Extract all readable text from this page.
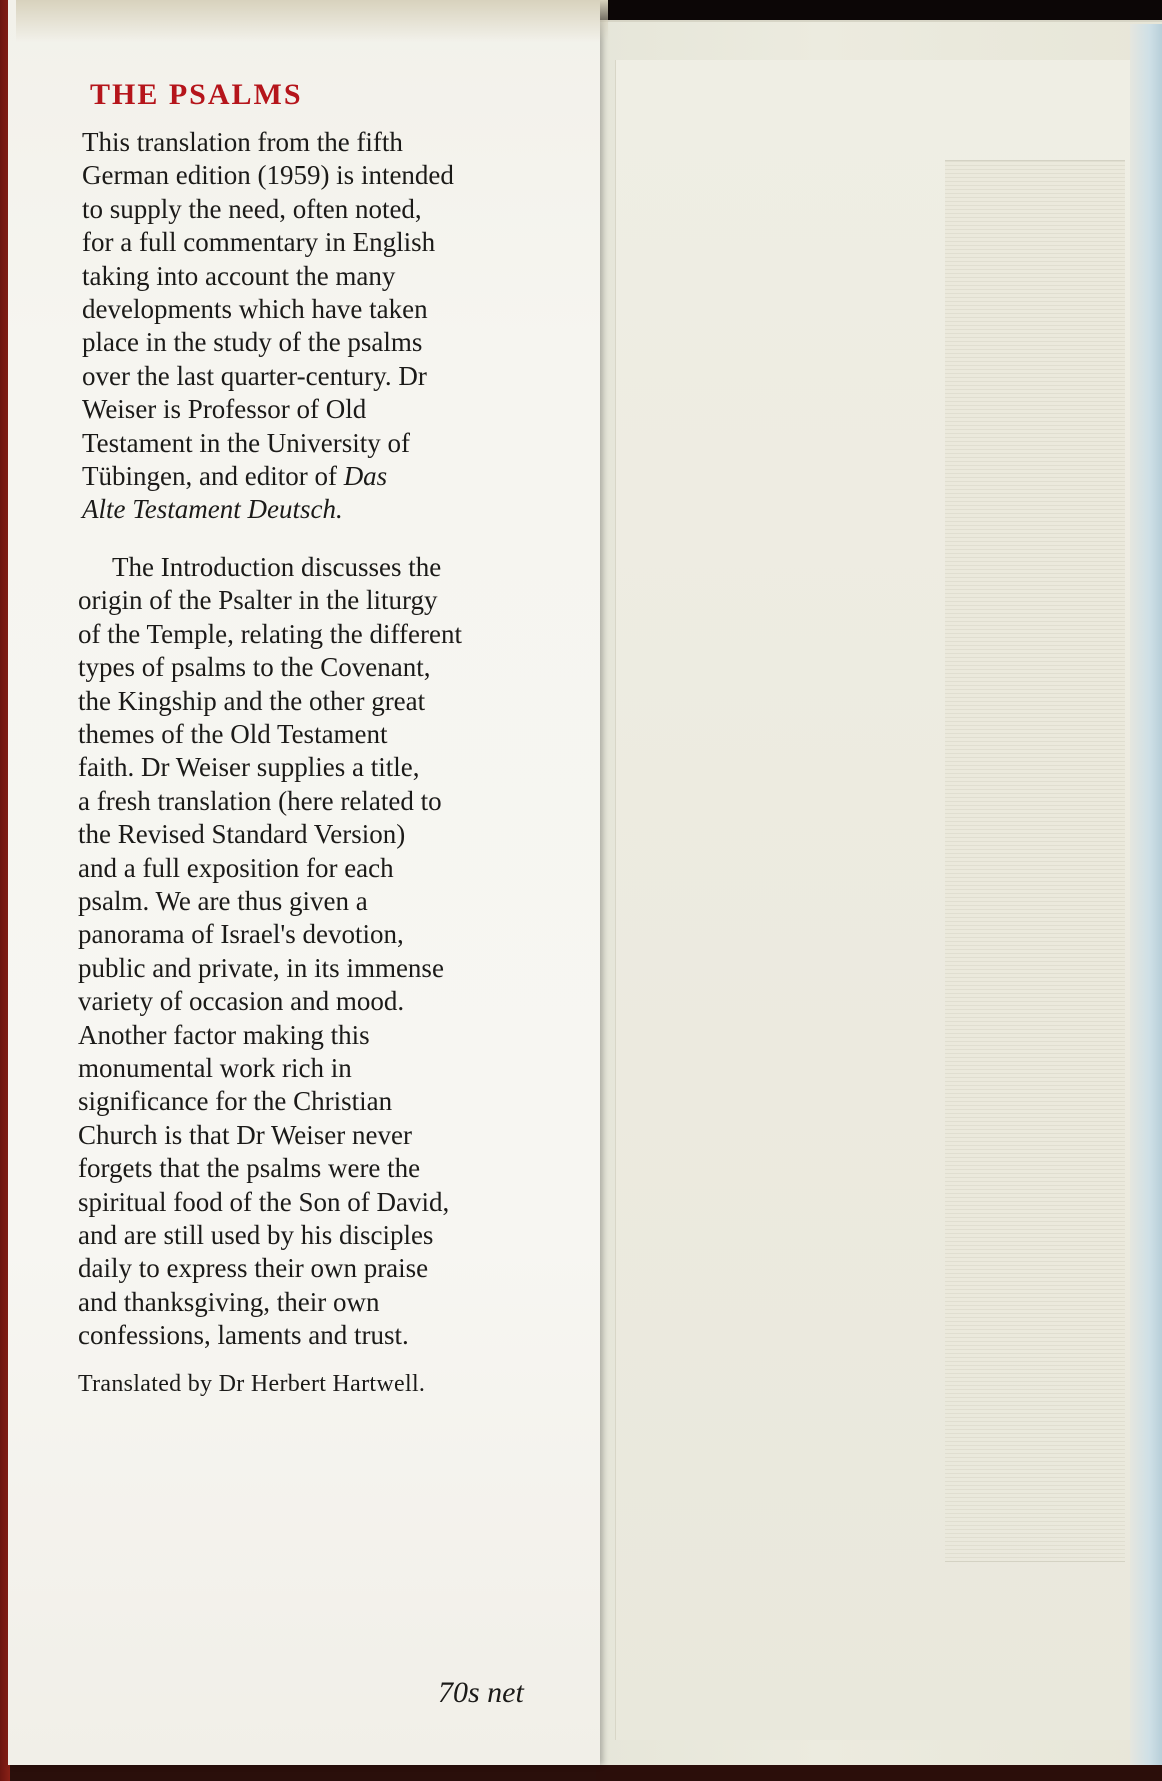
THE PSALMS

This translation from the fifth
German edition (1959) is intended
to supply the need, often noted,
for a full commentary in English
taking into account the many
developments which have taken
place in the study of the psalms
over the last quarter-century. Dr
Weiser is Professor of Old
Testament in the University of
Tübingen, and editor of Das
Alte Testament Deutsch.

The Introduction discusses the
origin of the Psalter in the liturgy
of the Temple, relating the different
types of psalms to the Covenant,
the Kingship and the other great
themes of the Old Testament
faith. Dr Weiser supplies a title,
a fresh translation (here related to
the Revised Standard Version)
and a full exposition for each
psalm. We are thus given a
panorama of Israel's devotion,
public and private, in its immense
variety of occasion and mood.
Another factor making this
monumental work rich in
significance for the Christian
Church is that Dr Weiser never
forgets that the psalms were the
spiritual food of the Son of David,
and are still used by his disciples
daily to express their own praise
and thanksgiving, their own
confessions, laments and trust.

Translated by Dr Herbert Hartwell.

70s net
